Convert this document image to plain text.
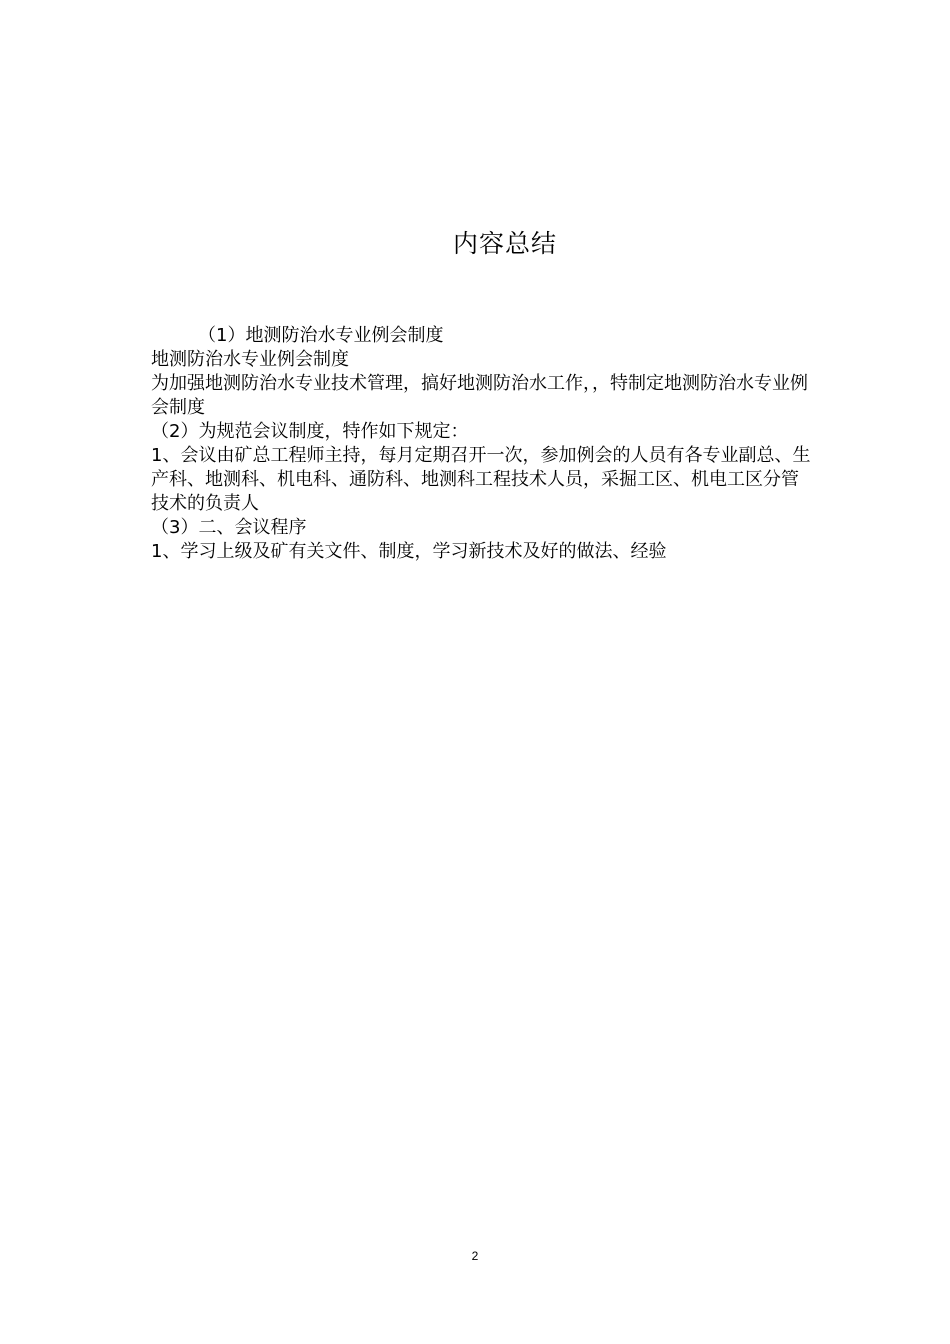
内容总结

（1）地测防治水专业例会制度

地测防治水专业例会制度

为加强地测防治水专业技术管理，搞好地测防治水工作，，特制定地测防治水专业例会制度

（2）为规范会议制度，特作如下规定：

1、会议由矿总工程师主持，每月定期召开一次，参加例会的人员有各专业副总、生产科、地测科、机电科、通防科、地测科工程技术人员，采掘工区、机电工区分管技术的负责人

（3）二、会议程序

1、学习上级及矿有关文件、制度，学习新技术及好的做法、经验

2
